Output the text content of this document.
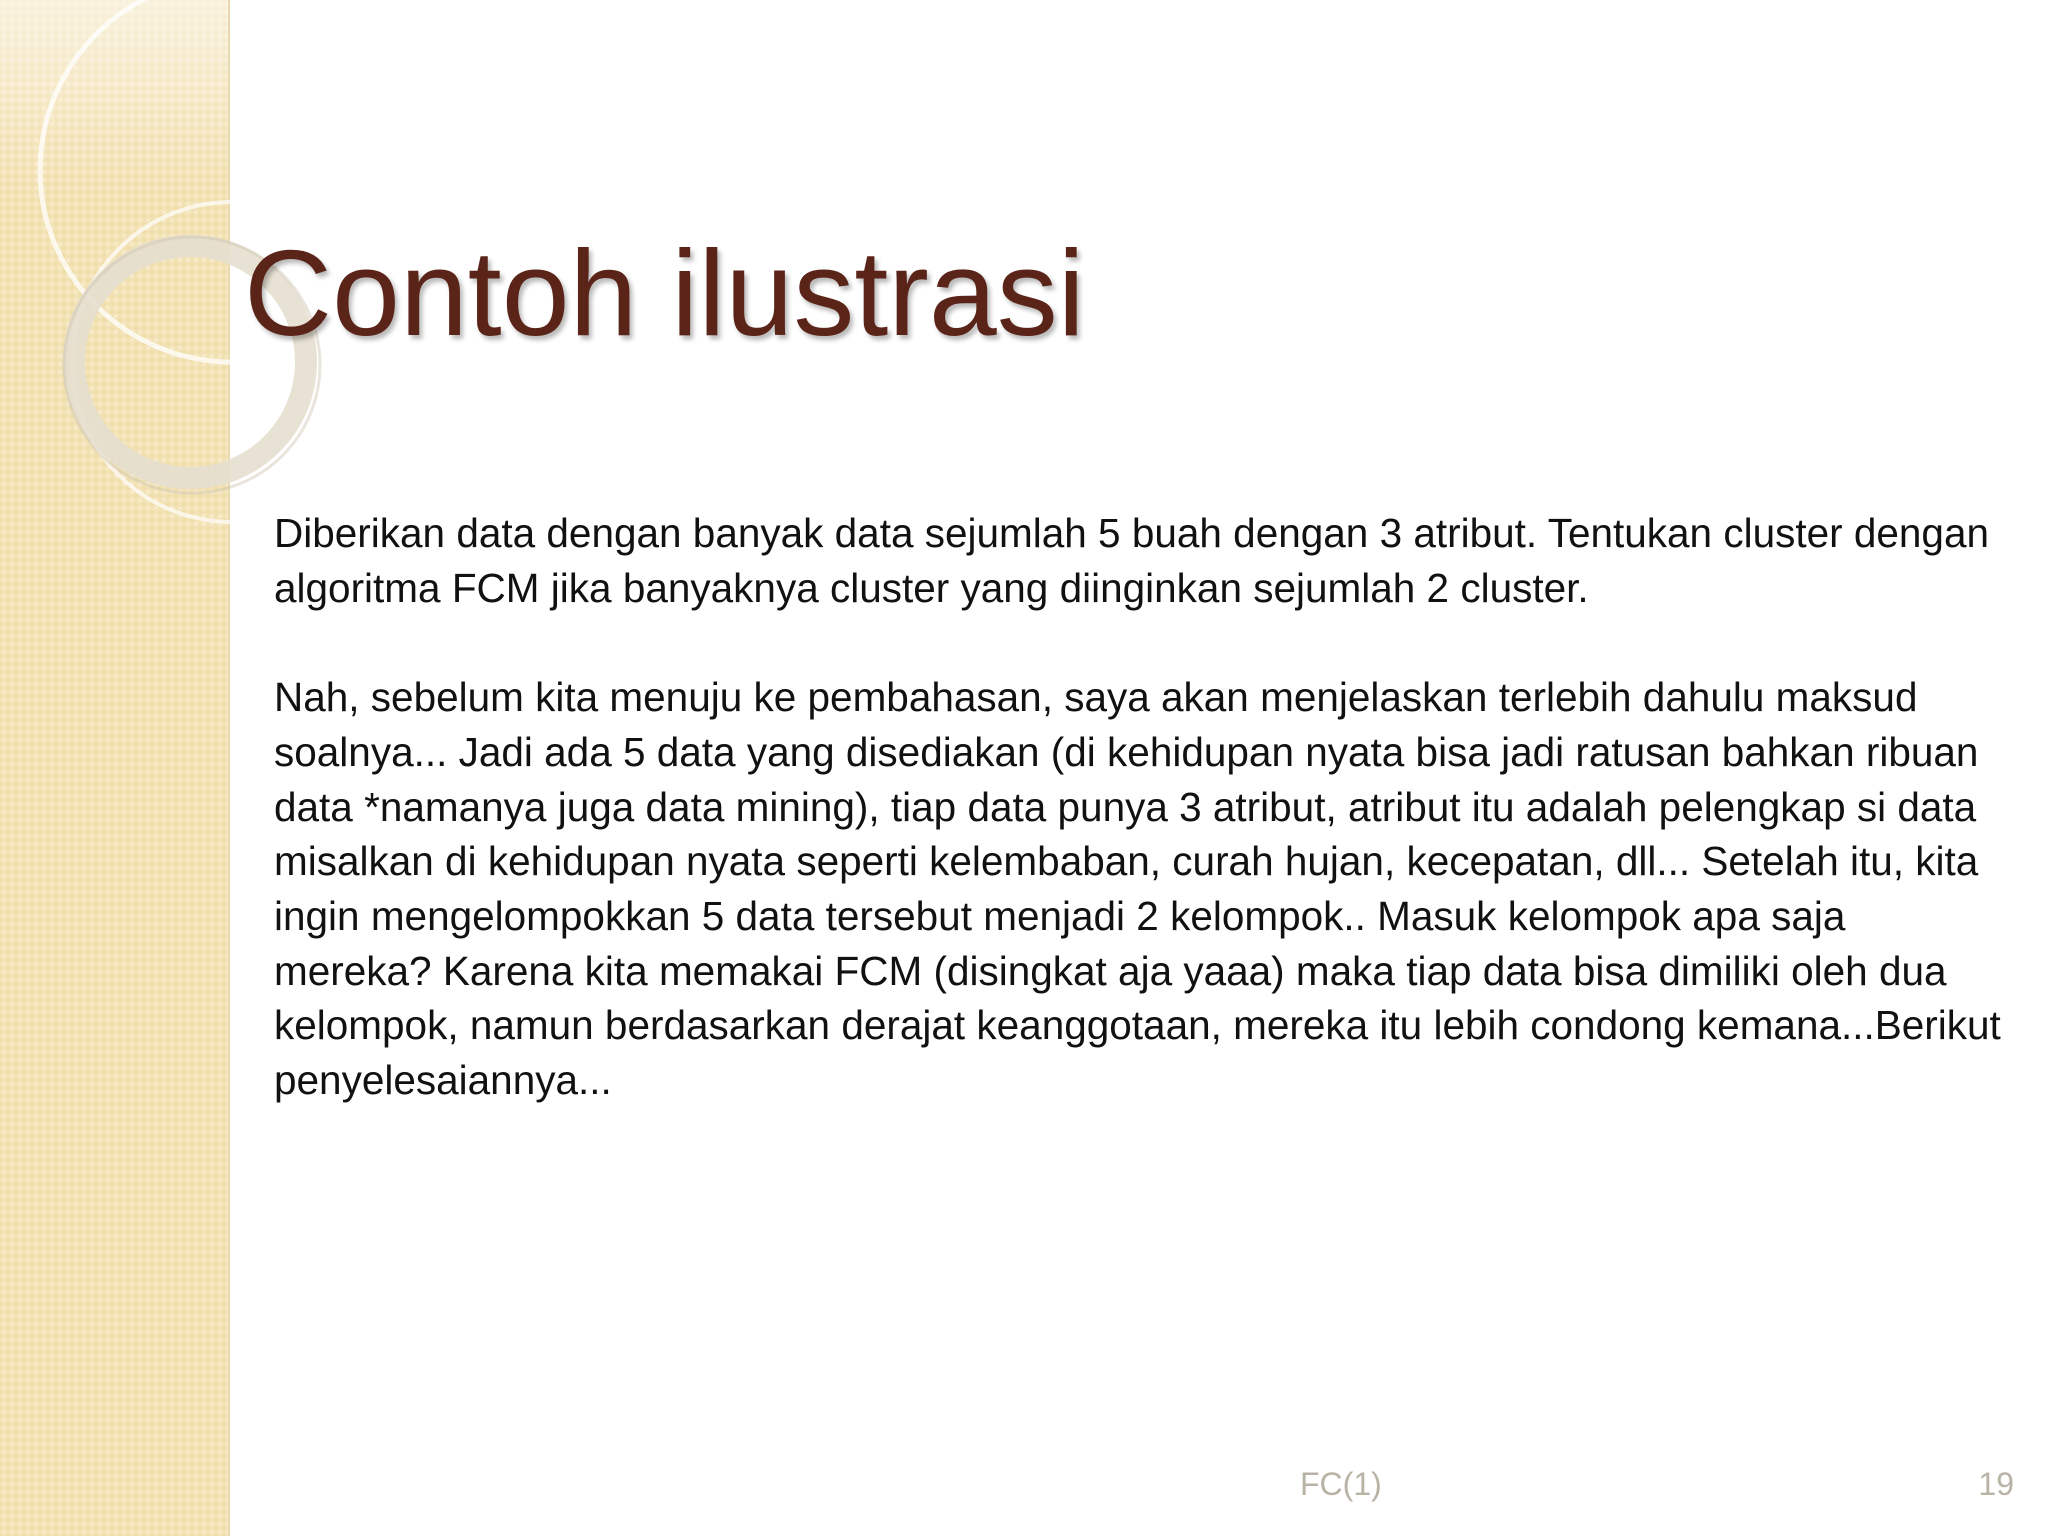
Contoh ilustrasi

Diberikan data dengan banyak data sejumlah 5 buah dengan 3 atribut. Tentukan cluster dengan algoritma FCM jika banyaknya cluster yang diinginkan sejumlah 2 cluster.

Nah, sebelum kita menuju ke pembahasan, saya akan menjelaskan terlebih dahulu maksud soalnya... Jadi ada 5 data yang disediakan (di kehidupan nyata bisa jadi ratusan bahkan ribuan data *namanya juga data mining), tiap data punya 3 atribut, atribut itu adalah pelengkap si data misalkan di kehidupan nyata seperti kelembaban, curah hujan, kecepatan, dll... Setelah itu, kita ingin mengelompokkan 5 data tersebut menjadi 2 kelompok.. Masuk kelompok apa saja mereka? Karena kita memakai FCM (disingkat aja yaaa) maka tiap data bisa dimiliki oleh dua kelompok, namun berdasarkan derajat keanggotaan, mereka itu lebih condong kemana...Berikut penyelesaiannya...

FC(1)	19
